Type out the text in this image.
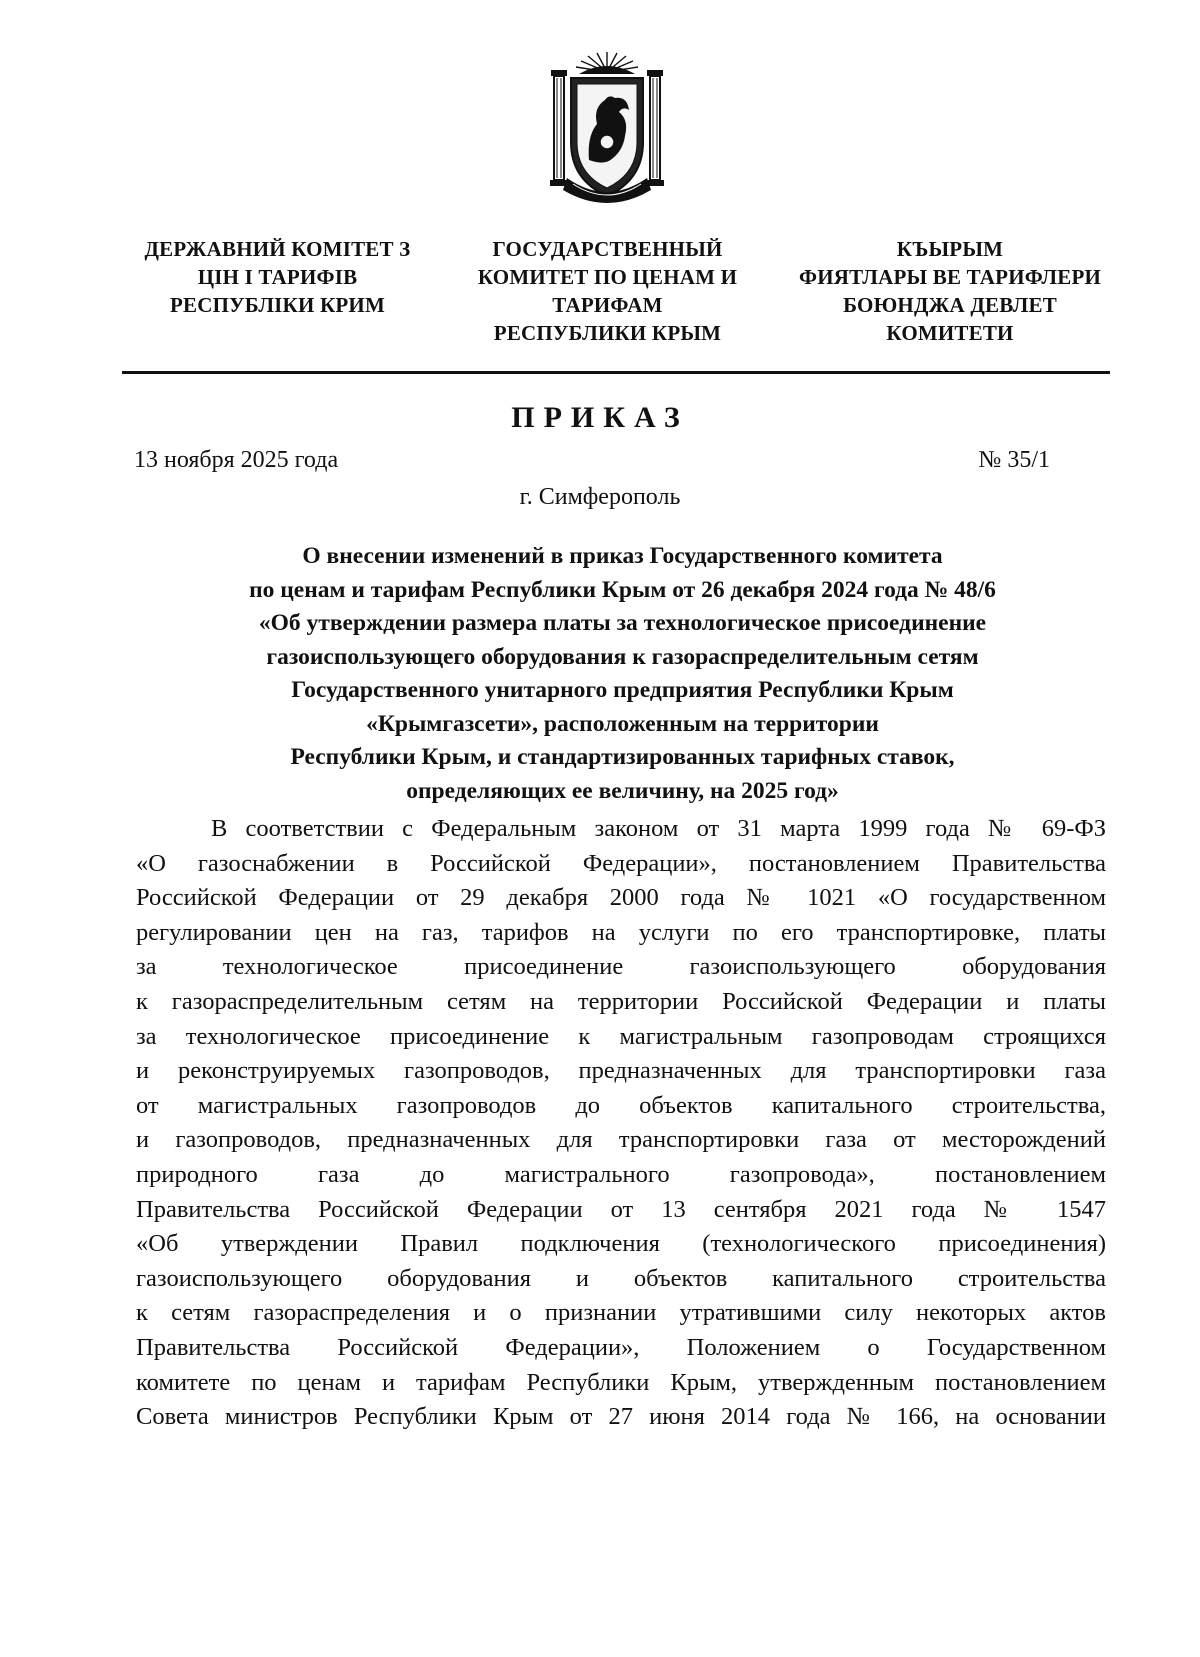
ДЕРЖАВНИЙ КОМІТЕТ З
ЦІН І ТАРИФІВ
РЕСПУБЛІКИ КРИМ
ГОСУДАРСТВЕННЫЙ
КОМИТЕТ ПО ЦЕНАМ И
ТАРИФАМ
РЕСПУБЛИКИ КРЫМ
КЪЫРЫМ
ФИЯТЛАРЫ ВЕ ТАРИФЛЕРИ
БОЮНДЖА ДЕВЛЕТ
КОМИТЕТИ
ПРИКАЗ
13 ноября 2025 года	№ 35/1
г. Симферополь
О внесении изменений в приказ Государственного комитета
по ценам и тарифам Республики Крым от 26 декабря 2024 года № 48/6
«Об утверждении размера платы за технологическое присоединение
газоиспользующего оборудования к газораспределительным сетям
Государственного унитарного предприятия Республики Крым
«Крымгазсети», расположенным на территории
Республики Крым, и стандартизированных тарифных ставок,
определяющих ее величину, на 2025 год»
В соответствии с Федеральным законом от 31 марта 1999 года № 69-ФЗ
«О газоснабжении в Российской Федерации», постановлением Правительства
Российской Федерации от 29 декабря 2000 года № 1021 «О государственном
регулировании цен на газ, тарифов на услуги по его транспортировке, платы
за технологическое присоединение газоиспользующего оборудования
к газораспределительным сетям на территории Российской Федерации и платы
за технологическое присоединение к магистральным газопроводам строящихся
и реконструируемых газопроводов, предназначенных для транспортировки газа
от магистральных газопроводов до объектов капитального строительства,
и газопроводов, предназначенных для транспортировки газа от месторождений
природного газа до магистрального газопровода», постановлением
Правительства Российской Федерации от 13 сентября 2021 года № 1547
«Об утверждении Правил подключения (технологического присоединения)
газоиспользующего оборудования и объектов капитального строительства
к сетям газораспределения и о признании утратившими силу некоторых актов
Правительства Российской Федерации», Положением о Государственном
комитете по ценам и тарифам Республики Крым, утвержденным постановлением
Совета министров Республики Крым от 27 июня 2014 года № 166, на основании
